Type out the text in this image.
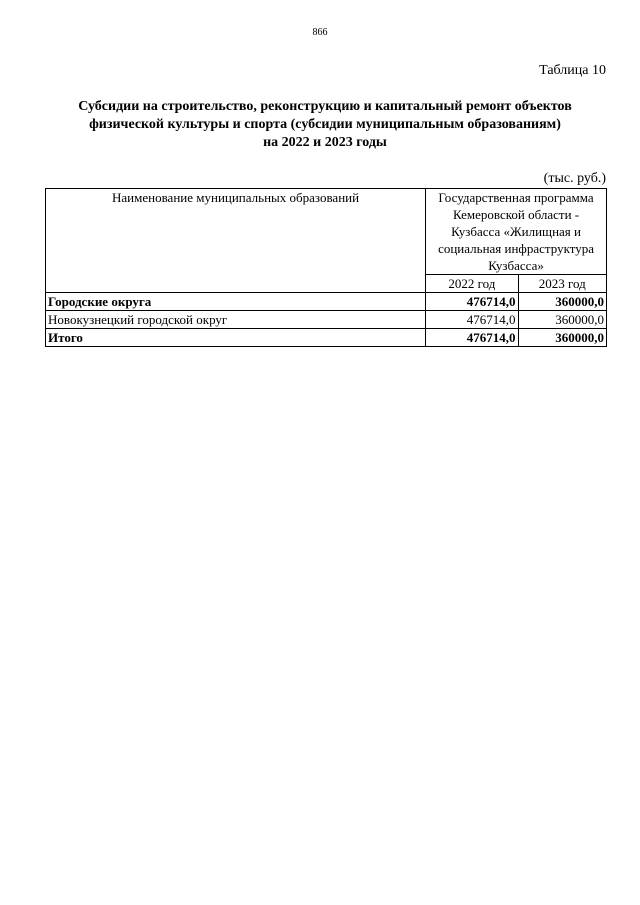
866
Таблица 10
Субсидии на строительство, реконструкцию и капитальный ремонт объектов
физической культуры и спорта (субсидии муниципальным образованиям)
на 2022 и 2023 годы
(тыс. руб.)
Наименование муниципальных образований	Государственная программа
Кемеровской области -
Кузбасса «Жилищная и
социальная инфраструктура
Кузбасса»	

	2022 год	2023 год
Городские округа	476714,0	360000,0
Новокузнецкий городской округ	476714,0	360000,0
Итого	476714,0	360000,0
